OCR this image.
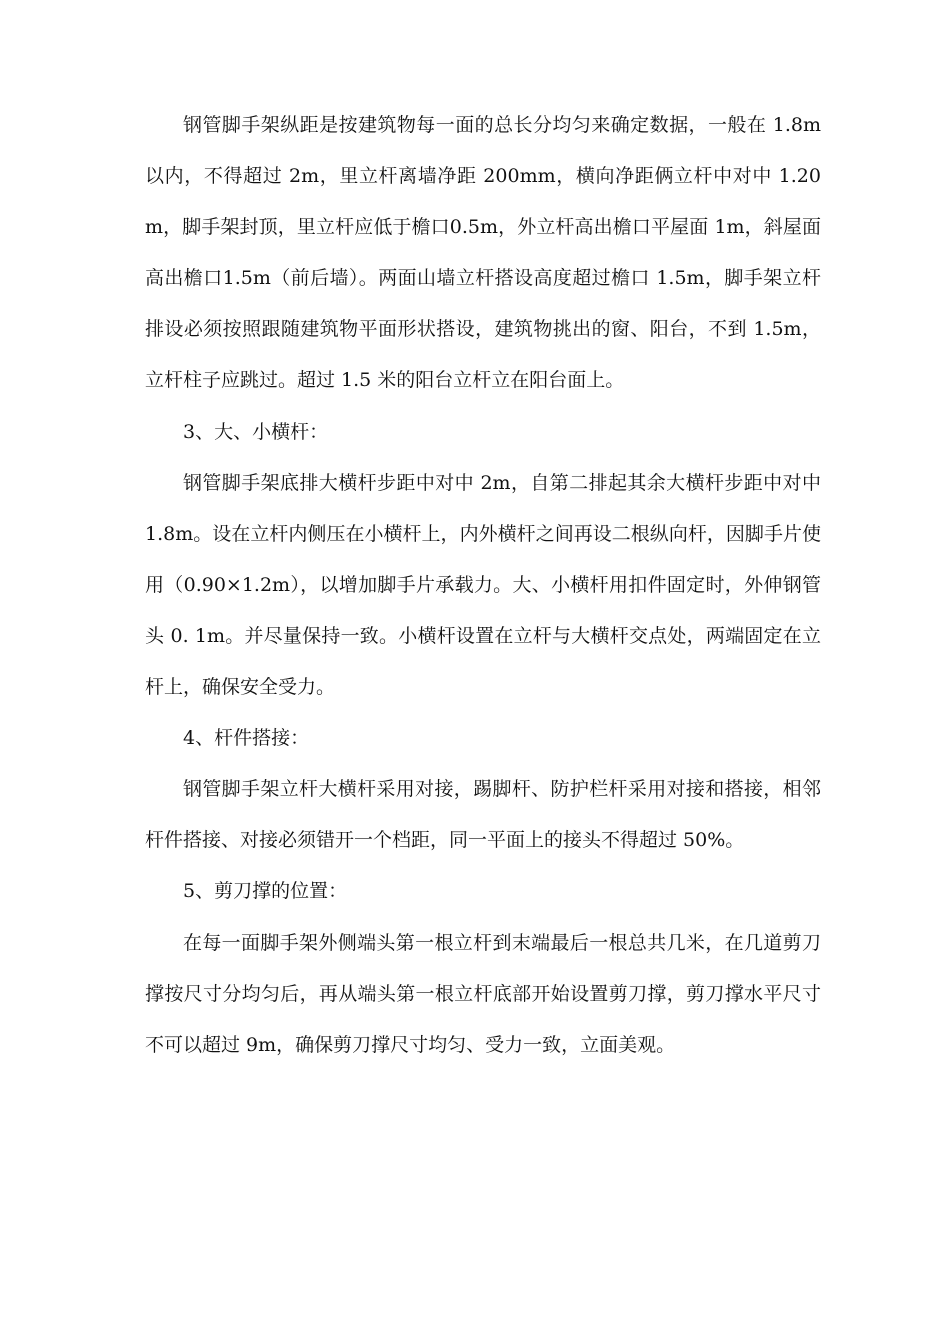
钢管脚手架纵距是按建筑物每一面的总长分均匀来确定数据，一般在 1.8m 以内，不得超过 2m，里立杆离墙净距 200mm，横向净距俩立杆中对中 1.20m，脚手架封顶，里立杆应低于檐口0.5m，外立杆高出檐口平屋面 1m，斜屋面高出檐口1.5m（前后墙）。两面山墙立杆搭设高度超过檐口 1.5m，脚手架立杆排设必须按照跟随建筑物平面形状搭设，建筑物挑出的窗、阳台，不到 1.5m，立杆柱子应跳过。超过 1.5 米的阳台立杆立在阳台面上。

3、大、小横杆：

钢管脚手架底排大横杆步距中对中 2m，自第二排起其余大横杆步距中对中 1.8m。设在立杆内侧压在小横杆上，内外横杆之间再设二根纵向杆，因脚手片使用（0.90×1.2m），以增加脚手片承载力。大、小横杆用扣件固定时，外伸钢管头 0. 1m。并尽量保持一致。小横杆设置在立杆与大横杆交点处，两端固定在立杆上，确保安全受力。

4、杆件搭接：

钢管脚手架立杆大横杆采用对接，踢脚杆、防护栏杆采用对接和搭接，相邻杆件搭接、对接必须错开一个档距，同一平面上的接头不得超过 50%。

5、剪刀撑的位置：

在每一面脚手架外侧端头第一根立杆到末端最后一根总共几米，在几道剪刀撑按尺寸分均匀后，再从端头第一根立杆底部开始设置剪刀撑，剪刀撑水平尺寸不可以超过 9m，确保剪刀撑尺寸均匀、受力一致，立面美观。
